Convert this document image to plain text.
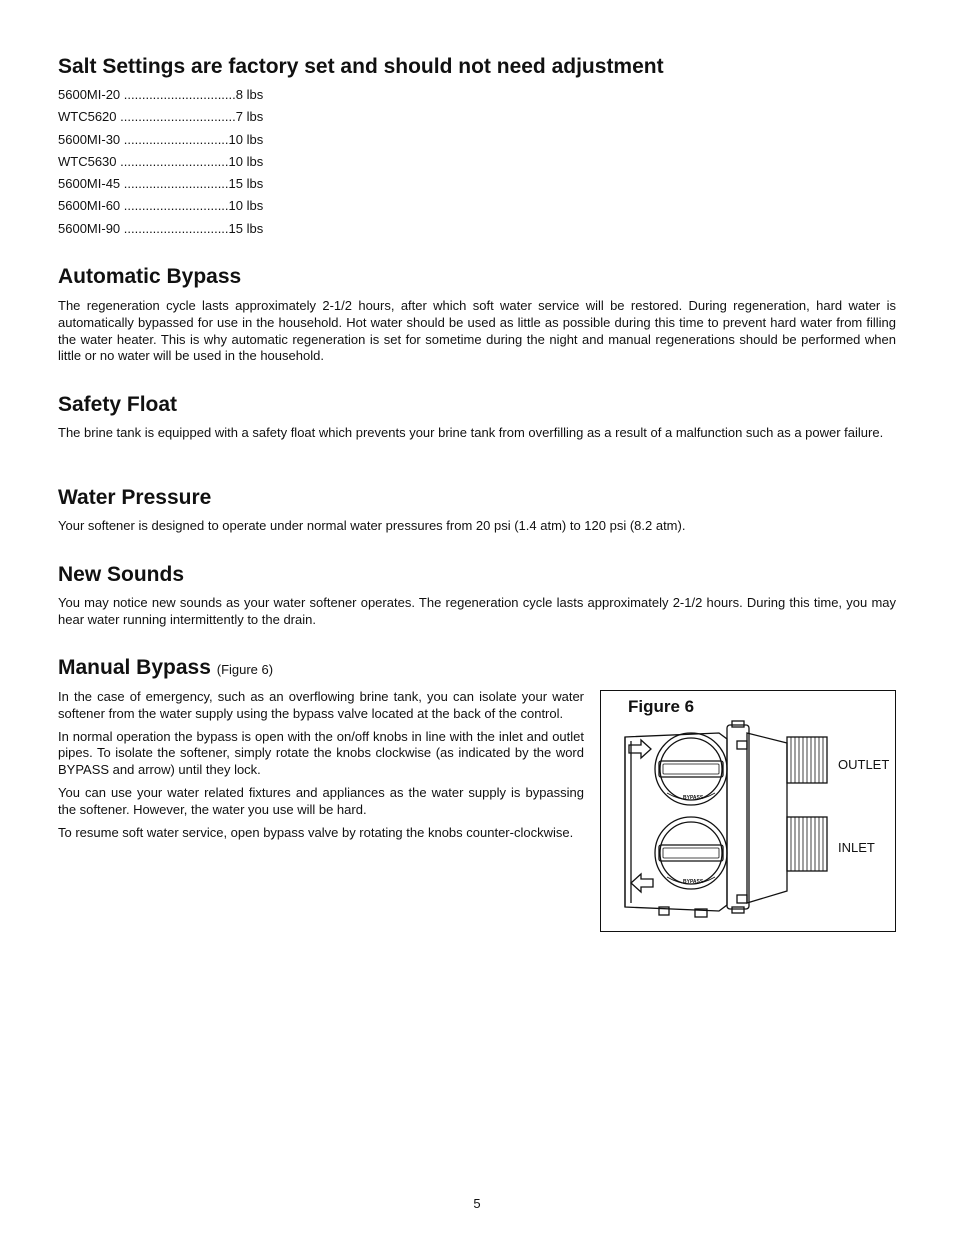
Salt Settings are factory set and should not need adjustment
5600MI-20 ...............................8 lbs
WTC5620 ................................7 lbs
5600MI-30 .............................10 lbs
WTC5630 ..............................10 lbs
5600MI-45 .............................15 lbs
5600MI-60 .............................10 lbs
5600MI-90 .............................15 lbs
Automatic Bypass

The regeneration cycle lasts approximately 2-1/2 hours, after which soft water service will be restored. During regeneration, hard water is automatically bypassed for use in the household. Hot water should be used as little as possible during this time to prevent hard water from filling the water heater. This is why automatic regeneration is set for sometime during the night and manual regenerations should be performed when little or no water will be used in the household.

Safety Float

The brine tank is equipped with a safety float which prevents your brine tank from overfilling as a result of a malfunction such as a power failure.

Water Pressure

Your softener is designed to operate under normal water pressures from 20 psi (1.4 atm) to 120 psi (8.2 atm).

New Sounds

You may notice new sounds as your water softener operates. The regeneration cycle lasts approximately 2-1/2 hours. During this time, you may hear water running intermittently to the drain.

Manual Bypass (Figure 6)

In the case of emergency, such as an overflowing brine tank, you can isolate your water softener from the water supply using the bypass valve located at the back of the control.

In normal operation the bypass is open with the on/off knobs in line with the inlet and outlet pipes. To isolate the softener, simply rotate the knobs clockwise (as indicated by the word BYPASS and arrow) until they lock.

You can use your water related fixtures and appliances as the water supply is bypassing the softener. However, the water you use will be hard.

To resume soft water service, open bypass valve by rotating the knobs counter-clockwise.

Figure 6
OUTLET
INLET
BYPASS
BYPASS
5
